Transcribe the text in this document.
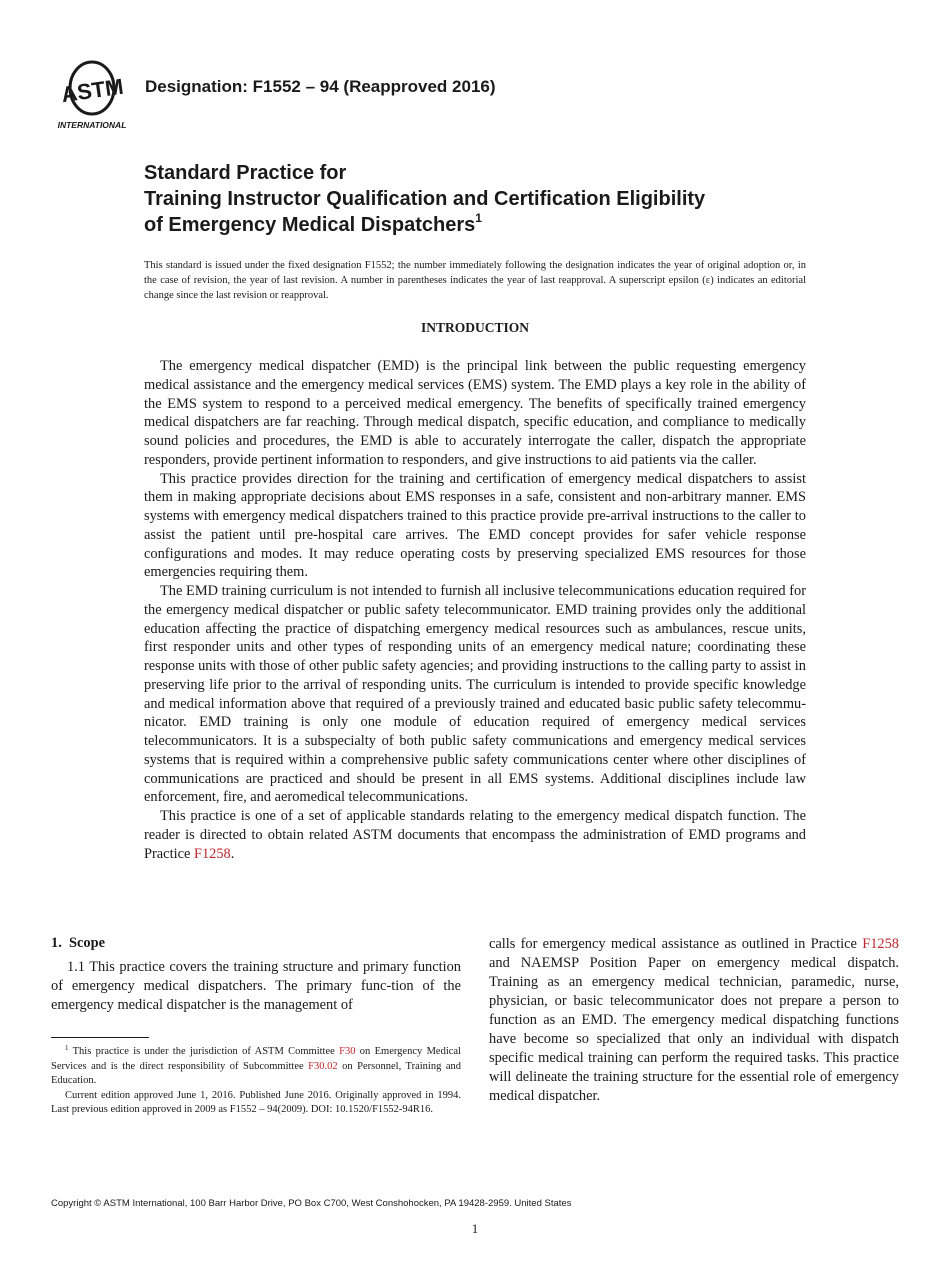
ASTM
INTERNATIONAL

Designation: F1552 – 94 (Reapproved 2016)

Standard Practice for
Training Instructor Qualification and Certification Eligibility
of Emergency Medical Dispatchers$^1$

This standard is issued under the fixed designation F1552; the number immediately following the designation indicates the year of original adoption or, in the case of revision, the year of last revision. A number in parentheses indicates the year of last reapproval. A superscript epsilon (ε) indicates an editorial change since the last revision or reapproval.

INTRODUCTION

The emergency medical dispatcher (EMD) is the principal link between the public requesting emergency medical assistance and the emergency medical services (EMS) system. The EMD plays a key role in the ability of the EMS system to respond to a perceived medical emergency. The benefits of specifically trained emergency medical dispatchers are far reaching. Through medical dispatch, specific education, and compliance to medically sound policies and procedures, the EMD is able to accurately interrogate the caller, dispatch the appropriate responders, provide pertinent information to responders, and give instructions to aid patients via the caller.

This practice provides direction for the training and certification of emergency medical dispatchers to assist them in making appropriate decisions about EMS responses in a safe, consistent and non-arbitrary manner. EMS systems with emergency medical dispatchers trained to this practice provide pre-arrival instructions to the caller to assist the patient until pre-hospital care arrives. The EMD concept provides for safer vehicle response configurations and modes. It may reduce operating costs by preserving specialized EMS resources for those emergencies requiring them.

The EMD training curriculum is not intended to furnish all inclusive telecommunications education required for the emergency medical dispatcher or public safety telecommunicator. EMD training provides only the additional education affecting the practice of dispatching emergency medical resources such as ambulances, rescue units, first responder units and other types of responding units of an emergency medical nature; coordinating these response units with those of other public safety agencies; and providing instructions to the calling party to assist in preserving life prior to the arrival of responding units. The curriculum is intended to provide specific knowledge and medical information above that required of a previously trained and educated basic public safety telecommu-nicator. EMD training is only one module of education required of emergency medical services telecommunicators. It is a subspecialty of both public safety communications and emergency medical services systems that is required within a comprehensive public safety communications center where other disciplines of communications are practiced and should be present in all EMS systems. Additional disciplines include law enforcement, fire, and aeromedical telecommunications.

This practice is one of a set of applicable standards relating to the emergency medical dispatch function. The reader is directed to obtain related ASTM documents that encompass the administration of EMD programs and Practice F1258.

1. Scope

1.1 This practice covers the training structure and primary function of emergency medical dispatchers. The primary func-tion of the emergency medical dispatcher is the management of

$^1$ This practice is under the jurisdiction of ASTM Committee F30 on Emergency Medical Services and is the direct responsibility of Subcommittee F30.02 on Personnel, Training and Education.

Current edition approved June 1, 2016. Published June 2016. Originally approved in 1994. Last previous edition approved in 2009 as F1552 – 94(2009). DOI: 10.1520/F1552-94R16.

calls for emergency medical assistance as outlined in Practice F1258 and NAEMSP Position Paper on emergency medical dispatch. Training as an emergency medical technician, paramedic, nurse, physician, or basic telecommunicator does not prepare a person to function as an EMD. The emergency medical dispatching functions have become so specialized that only an individual with dispatch specific medical training can perform the required tasks. This practice will delineate the training structure for the essential role of emergency medical dispatcher.

Copyright © ASTM International, 100 Barr Harbor Drive, PO Box C700, West Conshohocken, PA 19428-2959. United States

1
